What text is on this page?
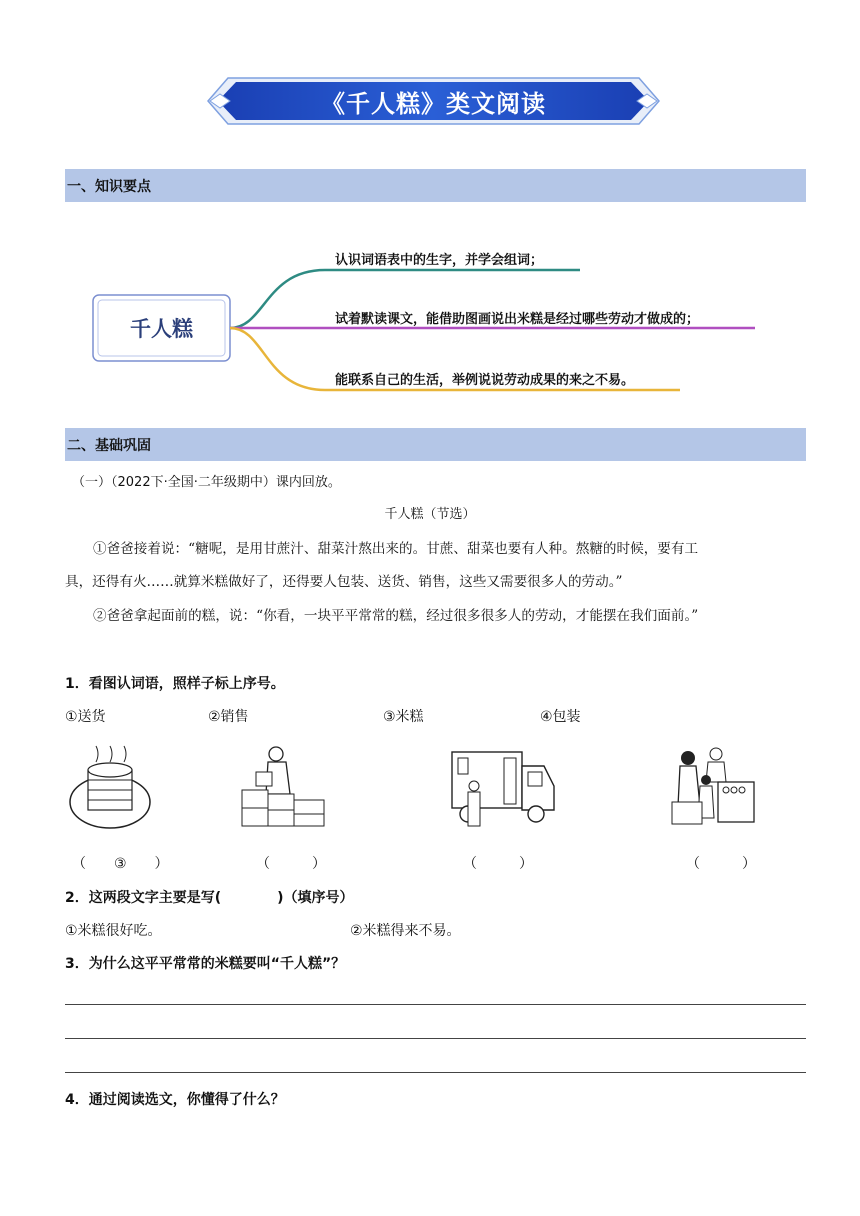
《千人糕》类文阅读
一、知识要点
千人糕
认识词语表中的生字，并学会组词；
试着默读课文，能借助图画说出米糕是经过哪些劳动才做成的；
能联系自己的生活，举例说说劳动成果的来之不易。
二、基础巩固
（一）（2022下·全国·二年级期中）课内回放。
千人糕（节选）
①爸爸接着说：“糖呢，是用甘蔗汁、甜菜汁熬出来的。甘蔗、甜菜也要有人种。熬糖的时候，要有工
具，还得有火……就算米糕做好了，还得要人包装、送货、销售，这些又需要很多人的劳动。”
②爸爸拿起面前的糕，说：“你看，一块平平常常的糕，经过很多很多人的劳动，才能摆在我们面前。”
1．看图认词语，照样子标上序号。
①送货	②销售	③米糕	④包装
（　　③　　）	（　　　）	（　　　）	（　　　）
2．这两段文字主要是写(　　　　)（填序号）
①米糕很好吃。	②米糕得来不易。
3．为什么这平平常常的米糕要叫“千人糕”？
4．通过阅读选文，你懂得了什么？
